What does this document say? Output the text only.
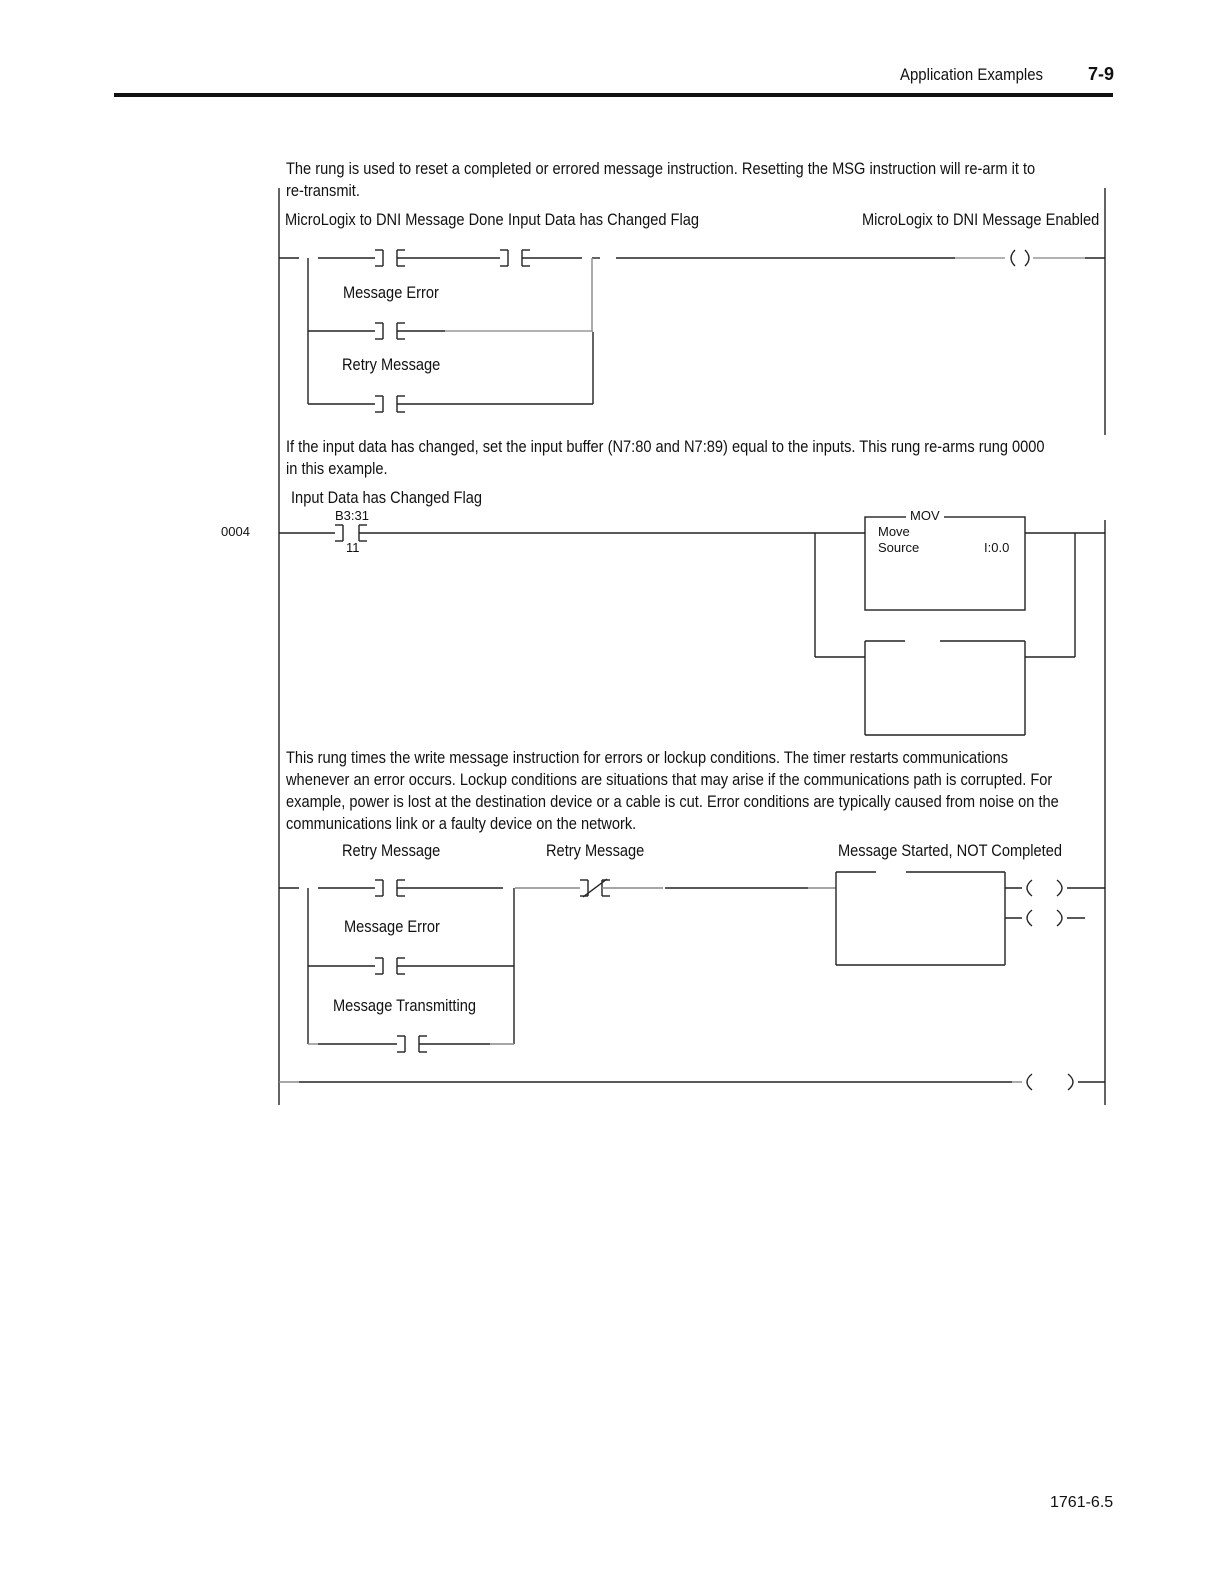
Application Examples 7-9
The rung is used to reset a completed or errored message instruction. Resetting the MSG instruction will re-arm it to
re-transmit.
MicroLogix to DNI Message Done Input Data has Changed Flag	MicroLogix to DNI Message Enabled
Message Error
Retry Message
If the input data has changed, set the input buffer (N7:80 and N7:89) equal to the inputs. This rung re-arms rung 0000
in this example.
0004
Input Data has Changed Flag
B3:31
11
MOV
Move
Source	I:0.0
This rung times the write message instruction for errors or lockup conditions. The timer restarts communications
whenever an error occurs. Lockup conditions are situations that may arise if the communications path is corrupted. For
example, power is lost at the destination device or a cable is cut. Error conditions are typically caused from noise on the
communications link or a faulty device on the network.
Retry Message	Retry Message	Message Started, NOT Completed
Message Error
Message Transmitting
1761-6.5
